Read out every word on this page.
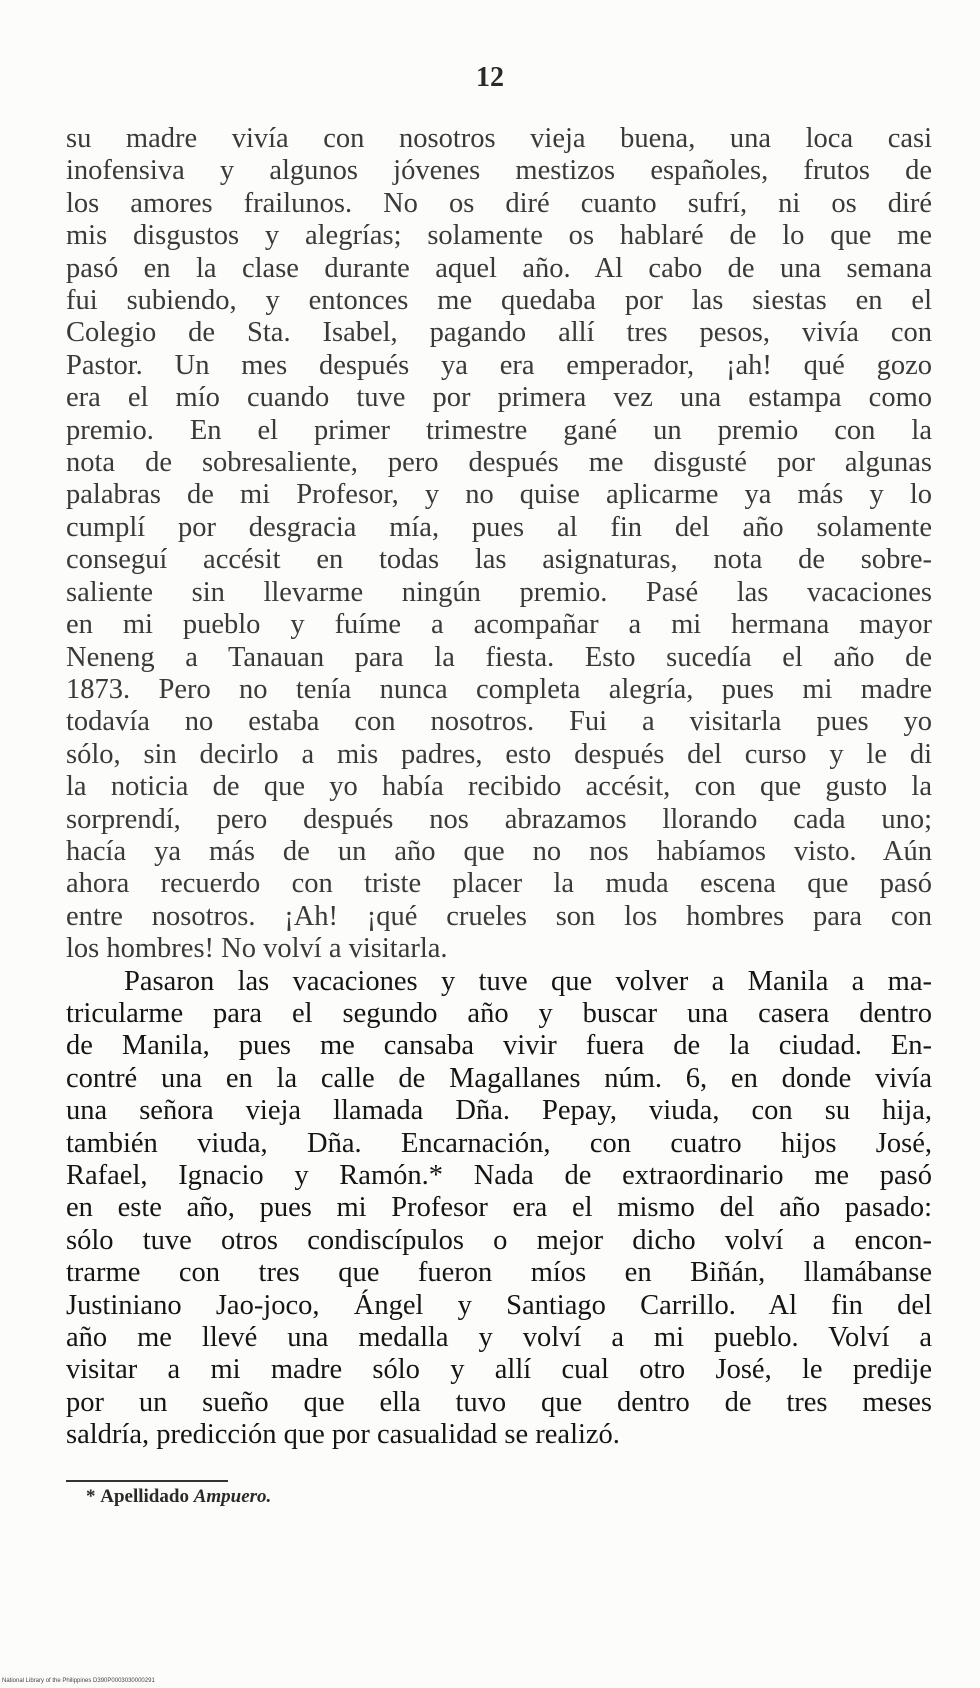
12

su madre vivía con nosotros vieja buena, una loca casi
inofensiva y algunos jóvenes mestizos españoles, frutos de
los amores frailunos. No os diré cuanto sufrí, ni os diré
mis disgustos y alegrías; solamente os hablaré de lo que me
pasó en la clase durante aquel año. Al cabo de una semana
fui subiendo, y entonces me quedaba por las siestas en el
Colegio de Sta. Isabel, pagando allí tres pesos, vivía con
Pastor. Un mes después ya era emperador, ¡ah! qué gozo
era el mío cuando tuve por primera vez una estampa como
premio. En el primer trimestre gané un premio con la
nota de sobresaliente, pero después me disgusté por algunas
palabras de mi Profesor, y no quise aplicarme ya más y lo
cumplí por desgracia mía, pues al fin del año solamente
conseguí accésit en todas las asignaturas, nota de sobre-
saliente sin llevarme ningún premio. Pasé las vacaciones
en mi pueblo y fuíme a acompañar a mi hermana mayor
Neneng a Tanauan para la fiesta. Esto sucedía el año de
1873. Pero no tenía nunca completa alegría, pues mi madre
todavía no estaba con nosotros. Fui a visitarla pues yo
sólo, sin decirlo a mis padres, esto después del curso y le di
la noticia de que yo había recibido accésit, con que gusto la
sorprendí, pero después nos abrazamos llorando cada uno;
hacía ya más de un año que no nos habíamos visto. Aún
ahora recuerdo con triste placer la muda escena que pasó
entre nosotros. ¡Ah! ¡qué crueles son los hombres para con
los hombres! No volví a visitarla.

Pasaron las vacaciones y tuve que volver a Manila a ma-
tricularme para el segundo año y buscar una casera dentro
de Manila, pues me cansaba vivir fuera de la ciudad. En-
contré una en la calle de Magallanes núm. 6, en donde vivía
una señora vieja llamada Dña. Pepay, viuda, con su hija,
también viuda, Dña. Encarnación, con cuatro hijos José,
Rafael, Ignacio y Ramón.* Nada de extraordinario me pasó
en este año, pues mi Profesor era el mismo del año pasado:
sólo tuve otros condiscípulos o mejor dicho volví a encon-
trarme con tres que fueron míos en Biñán, llamábanse
Justiniano Jao-joco, Ángel y Santiago Carrillo. Al fin del
año me llevé una medalla y volví a mi pueblo. Volví a
visitar a mi madre sólo y allí cual otro José, le predije
por un sueño que ella tuvo que dentro de tres meses
saldría, predicción que por casualidad se realizó.

* Apellidado Ampuero.
National Library of the Philippines D390P0003030000291
